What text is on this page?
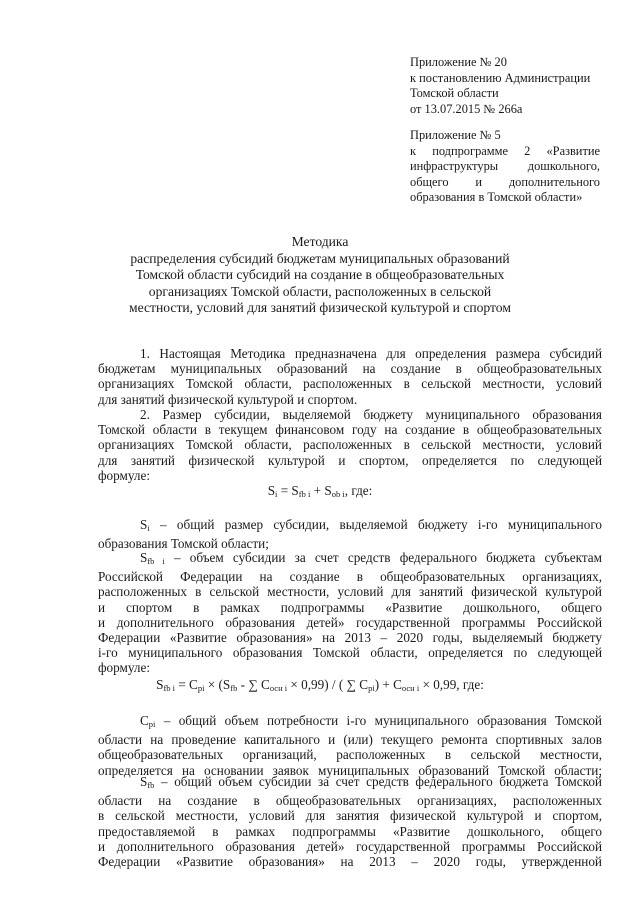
Приложение № 20
к постановлению Администрации
Томской области
от 13.07.2015 № 266а
Приложение № 5
к подпрограмме 2 «Развитие
инфраструктуры дошкольного,
общего и дополнительного
образования в Томской области»
Методика
распределения субсидий бюджетам муниципальных образований
Томской области субсидий на создание в общеобразовательных
организациях Томской области, расположенных в сельской
местности, условий для занятий физической культурой и спортом
1. Настоящая Методика предназначена для определения размера субсидий
бюджетам муниципальных образований на создание в общеобразовательных
организациях Томской области, расположенных в сельской местности, условий
для занятий физической культурой и спортом.
2. Размер субсидии, выделяемой бюджету муниципального образования
Томской области в текущем финансовом году на создание в общеобразовательных
организациях Томской области, расположенных в сельской местности, условий
для занятий физической культурой и спортом, определяется по следующей
формуле:
$S_i = S_{fb i} + S_{ob i}$, где:
$S_i$ – общий размер субсидии, выделяемой бюджету i-го муниципального
образования Томской области;
$S_{fb i}$ – объем субсидии за счет средств федерального бюджета субъектам
Российской Федерации на создание в общеобразовательных организациях,
расположенных в сельской местности, условий для занятий физической культурой
и спортом в рамках подпрограммы «Развитие дошкольного, общего
и дополнительного образования детей» государственной программы Российской
Федерации «Развитие образования» на 2013 – 2020 годы, выделяемый бюджету
i-го муниципального образования Томской области, определяется по следующей
формуле:
$S_{fb i} = C_{pi} \times (S_{fb}$ - ∑ $C_{осн i} \times 0,99$) / ( ∑ $C_{pi}) + C_{осн i} \times 0,99$, где:
$C_{pi}$ – общий объем потребности i-го муниципального образования Томской
области на проведение капитального и (или) текущего ремонта спортивных залов
общеобразовательных организаций, расположенных в сельской местности,
определяется на основании заявок муниципальных образований Томской области;
$S_{fb}$ – общий объем субсидии за счет средств федерального бюджета Томской
области на создание в общеобразовательных организациях, расположенных
в сельской местности, условий для занятия физической культурой и спортом,
предоставляемой в рамках подпрограммы «Развитие дошкольного, общего
и дополнительного образования детей» государственной программы Российской
Федерации «Развитие образования» на 2013 – 2020 годы, утвержденной
